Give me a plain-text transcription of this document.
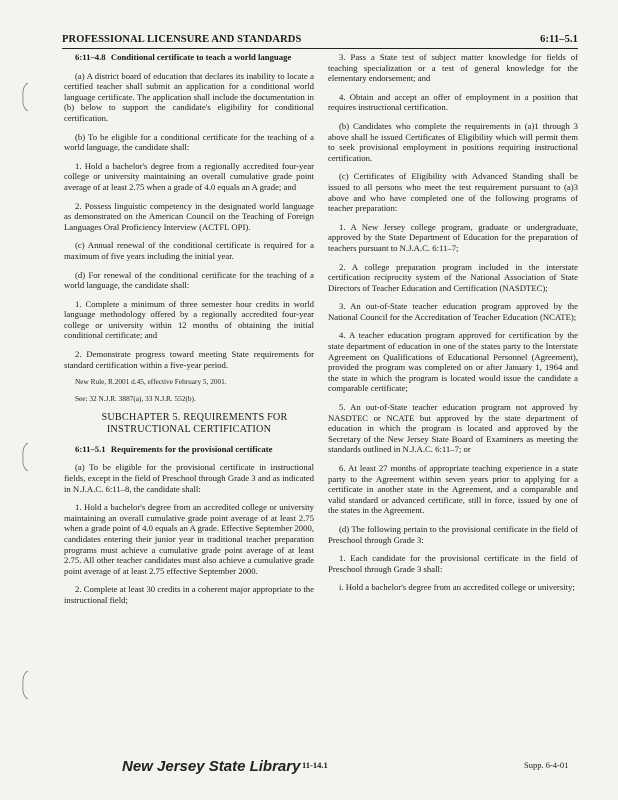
PROFESSIONAL LICENSURE AND STANDARDS	6:11–5.1

6:11–4.8 Conditional certificate to teach a world language

(a) A district board of education that declares its inability to locate a certified teacher shall submit an application for a conditional world language certificate. The application shall include the documentation in (b) below to support the candidate's eligibility for conditional certification.

(b) To be eligible for a conditional certificate for the teaching of a world language, the candidate shall:

1. Hold a bachelor's degree from a regionally accredited four-year college or university maintaining an overall cumulative grade point average of at least 2.75 when a grade of 4.0 equals an A grade; and

2. Possess linguistic competency in the designated world language as demonstrated on the American Council on the Teaching of Foreign Languages Oral Proficiency Interview (ACTFL OPI).

(c) Annual renewal of the conditional certificate is required for a maximum of five years including the initial year.

(d) For renewal of the conditional certificate for the teaching of a world language, the candidate shall:

1. Complete a minimum of three semester hour credits in world language methodology offered by a regionally accredited four-year college or university within 12 months of obtaining the initial conditional certificate; and

2. Demonstrate progress toward meeting State requirements for standard certification within a five-year period.

New Rule, R.2001 d.45, effective February 5, 2001.

See: 32 N.J.R. 3887(a), 33 N.J.R. 552(b).

SUBCHAPTER 5. REQUIREMENTS FOR
INSTRUCTIONAL CERTIFICATION

6:11–5.1 Requirements for the provisional certificate

(a) To be eligible for the provisional certificate in instructional fields, except in the field of Preschool through Grade 3 and as indicated in N.J.A.C. 6:11–8, the candidate shall:

1. Hold a bachelor's degree from an accredited college or university maintaining an overall cumulative grade point average of at least 2.75 when a grade point of 4.0 equals an A grade. Effective September 2000, candidates entering their junior year in traditional teacher preparation programs must achieve a cumulative grade point average of at least 2.75. All other teacher candidates must also achieve a cumulative grade point average of at least 2.75 effective September 2000.

2. Complete at least 30 credits in a coherent major appropriate to the instructional field;

3. Pass a State test of subject matter knowledge for fields of teaching specialization or a test of general knowledge for the elementary endorsement; and

4. Obtain and accept an offer of employment in a position that requires instructional certification.

(b) Candidates who complete the requirements in (a)1 through 3 above shall be issued Certificates of Eligibility which will permit them to seek provisional employment in positions requiring instructional certification.

(c) Certificates of Eligibility with Advanced Standing shall be issued to all persons who meet the test requirement pursuant to (a)3 above and who have completed one of the following programs of teacher preparation:

1. A New Jersey college program, graduate or undergraduate, approved by the State Department of Education for the preparation of teachers pursuant to N.J.A.C. 6:11–7;

2. A college preparation program included in the interstate certification reciprocity system of the National Association of State Directors of Teacher Education and Certification (NASDTEC);

3. An out-of-State teacher education program approved by the National Council for the Accreditation of Teacher Education (NCATE);

4. A teacher education program approved for certification by the state department of education in one of the states party to the Interstate Agreement on Qualifications of Educational Personnel (Agreement), provided the program was completed on or after January 1, 1964 and the state in which the program is located would issue the candidate a comparable certificate;

5. An out-of-State teacher education program not approved by NASDTEC or NCATE but approved by the state department of education in which the program is located and approved by the Secretary of the New Jersey State Board of Examiners as meeting the standards outlined in N.J.A.C. 6:11–7; or

6. At least 27 months of appropriate teaching experience in a state party to the Agreement within seven years prior to applying for a certificate in another state in the Agreement, and a comparable and valid standard or advanced certificate, still in force, issued by one of the states in the Agreement.

(d) The following pertain to the provisional certificate in the field of Preschool through Grade 3:

1. Each candidate for the provisional certificate in the field of Preschool through Grade 3 shall:

i. Hold a bachelor's degree from an accredited college or university;

New Jersey State Library 11-14.1	Supp. 6-4-01
